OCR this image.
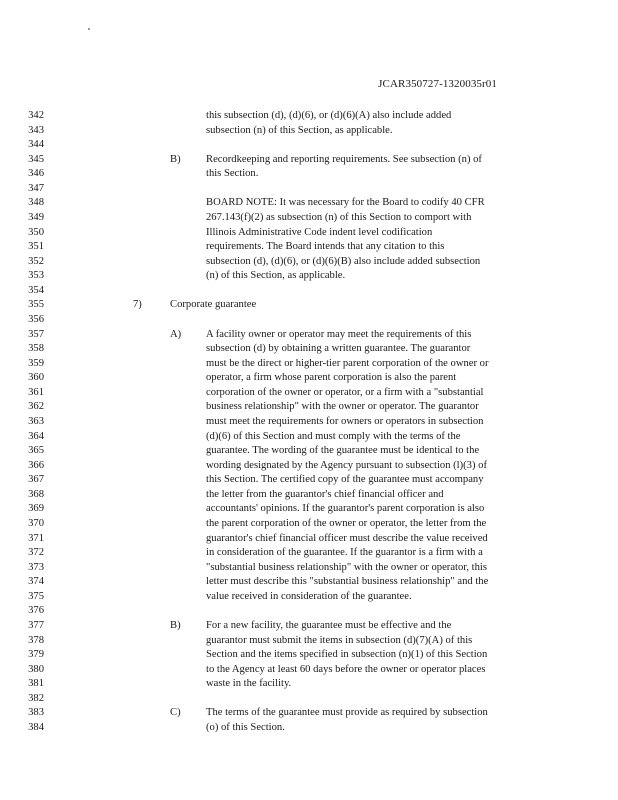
JCAR350727-1320035r01
342	this subsection (d), (d)(6), or (d)(6)(A) also include added
343	subsection (n) of this Section, as applicable.
344
345	B) Recordkeeping and reporting requirements. See subsection (n) of
346	this Section.
347
348	BOARD NOTE: It was necessary for the Board to codify 40 CFR
349	267.143(f)(2) as subsection (n) of this Section to comport with
350	Illinois Administrative Code indent level codification
351	requirements. The Board intends that any citation to this
352	subsection (d), (d)(6), or (d)(6)(B) also include added subsection
353	(n) of this Section, as applicable.
354
355	7)	Corporate guarantee
356
357	A) A facility owner or operator may meet the requirements of this
358	subsection (d) by obtaining a written guarantee. The guarantor
359	must be the direct or higher-tier parent corporation of the owner or
360	operator, a firm whose parent corporation is also the parent
361	corporation of the owner or operator, or a firm with a "substantial
362	business relationship" with the owner or operator. The guarantor
363	must meet the requirements for owners or operators in subsection
364	(d)(6) of this Section and must comply with the terms of the
365	guarantee. The wording of the guarantee must be identical to the
366	wording designated by the Agency pursuant to subsection (l)(3) of
367	this Section. The certified copy of the guarantee must accompany
368	the letter from the guarantor's chief financial officer and
369	accountants' opinions. If the guarantor's parent corporation is also
370	the parent corporation of the owner or operator, the letter from the
371	guarantor's chief financial officer must describe the value received
372	in consideration of the guarantee. If the guarantor is a firm with a
373	"substantial business relationship" with the owner or operator, this
374	letter must describe this "substantial business relationship" and the
375	value received in consideration of the guarantee.
376
377	B) For a new facility, the guarantee must be effective and the
378	guarantor must submit the items in subsection (d)(7)(A) of this
379	Section and the items specified in subsection (n)(1) of this Section
380	to the Agency at least 60 days before the owner or operator places
381	waste in the facility.
382
383	C) The terms of the guarantee must provide as required by subsection
384	(o) of this Section.
